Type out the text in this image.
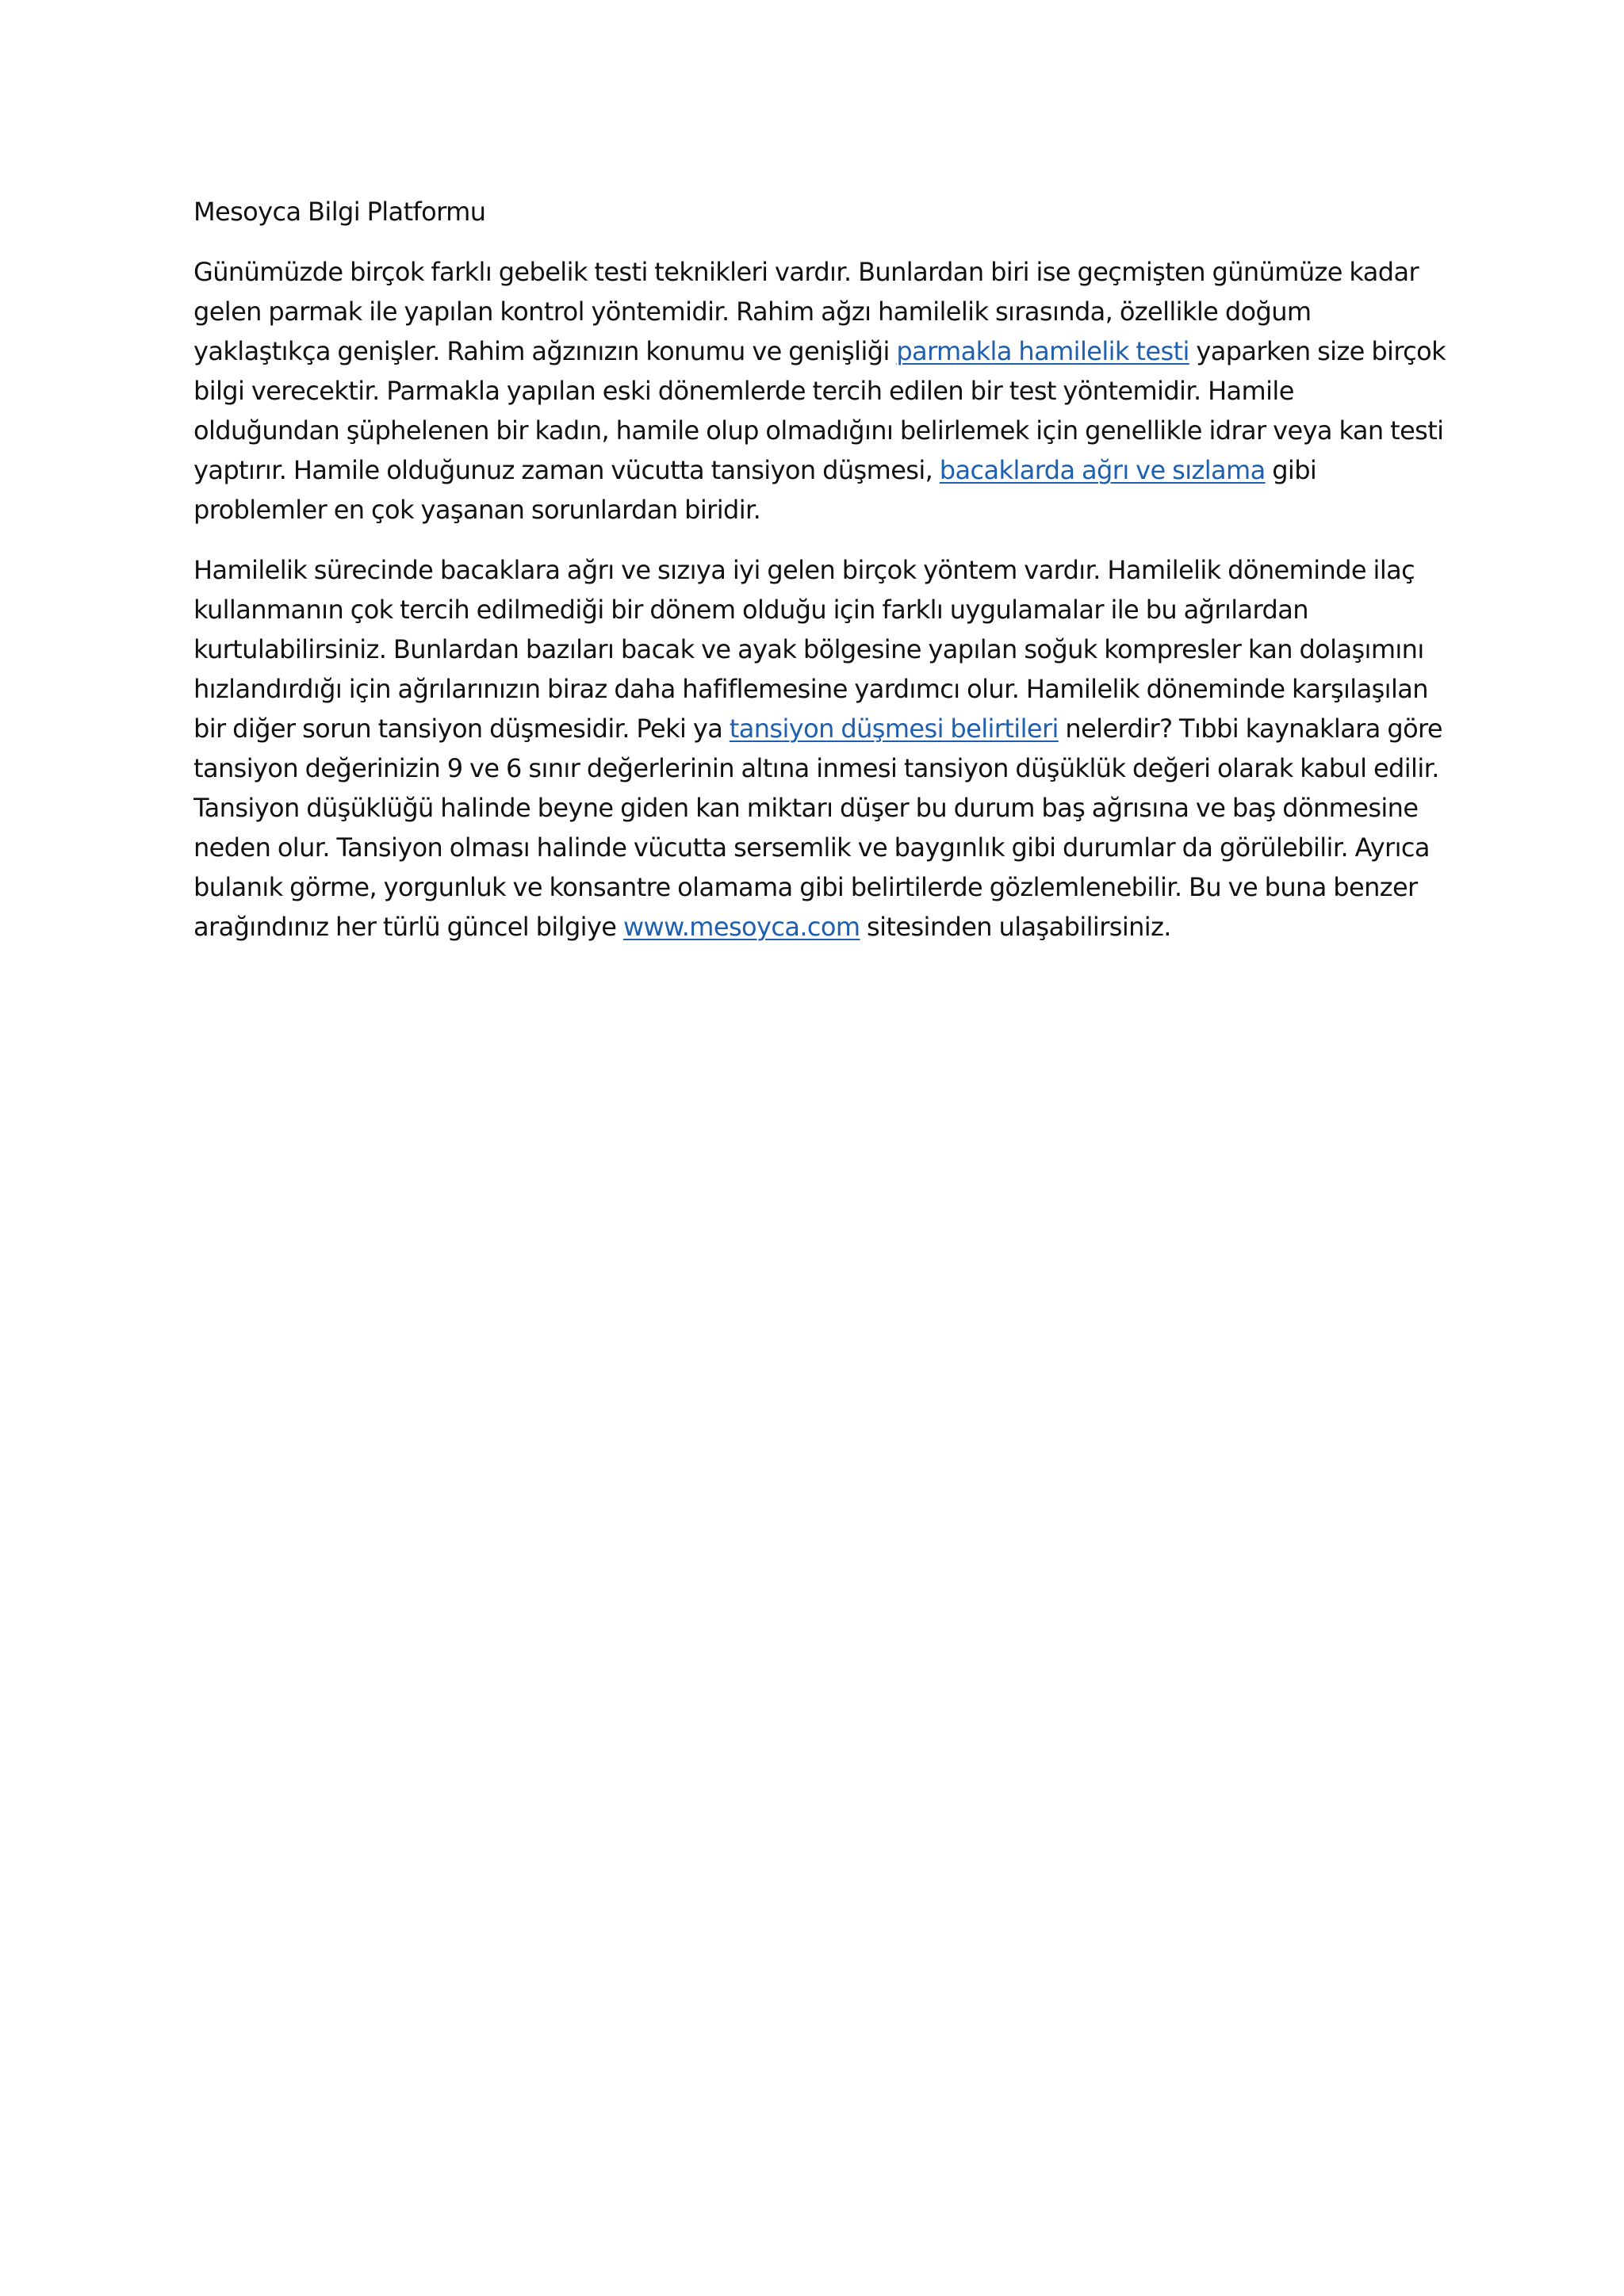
Mesoyca Bilgi Platformu

Günümüzde birçok farklı gebelik testi teknikleri vardır. Bunlardan biri ise geçmişten günümüze kadar gelen parmak ile yapılan kontrol yöntemidir. Rahim ağzı hamilelik sırasında, özellikle doğum yaklaştıkça genişler. Rahim ağzınızın konumu ve genişliği parmakla hamilelik testi yaparken size birçok bilgi verecektir. Parmakla yapılan eski dönemlerde tercih edilen bir test yöntemidir. Hamile olduğundan şüphelenen bir kadın, hamile olup olmadığını belirlemek için genellikle idrar veya kan testi yaptırır. Hamile olduğunuz zaman vücutta tansiyon düşmesi, bacaklarda ağrı ve sızlama gibi problemler en çok yaşanan sorunlardan biridir.

Hamilelik sürecinde bacaklara ağrı ve sızıya iyi gelen birçok yöntem vardır. Hamilelik döneminde ilaç kullanmanın çok tercih edilmediği bir dönem olduğu için farklı uygulamalar ile bu ağrılardan kurtulabilirsiniz. Bunlardan bazıları bacak ve ayak bölgesine yapılan soğuk kompresler kan dolaşımını hızlandırdığı için ağrılarınızın biraz daha hafiflemesine yardımcı olur. Hamilelik döneminde karşılaşılan bir diğer sorun tansiyon düşmesidir. Peki ya tansiyon düşmesi belirtileri nelerdir? Tıbbi kaynaklara göre tansiyon değerinizin 9 ve 6 sınır değerlerinin altına inmesi tansiyon düşüklük değeri olarak kabul edilir. Tansiyon düşüklüğü halinde beyne giden kan miktarı düşer bu durum baş ağrısına ve baş dönmesine neden olur. Tansiyon olması halinde vücutta sersemlik ve baygınlık gibi durumlar da görülebilir. Ayrıca bulanık görme, yorgunluk ve konsantre olamama gibi belirtilerde gözlemlenebilir. Bu ve buna benzer arağındınız her türlü güncel bilgiye www.mesoyca.com sitesinden ulaşabilirsiniz.
